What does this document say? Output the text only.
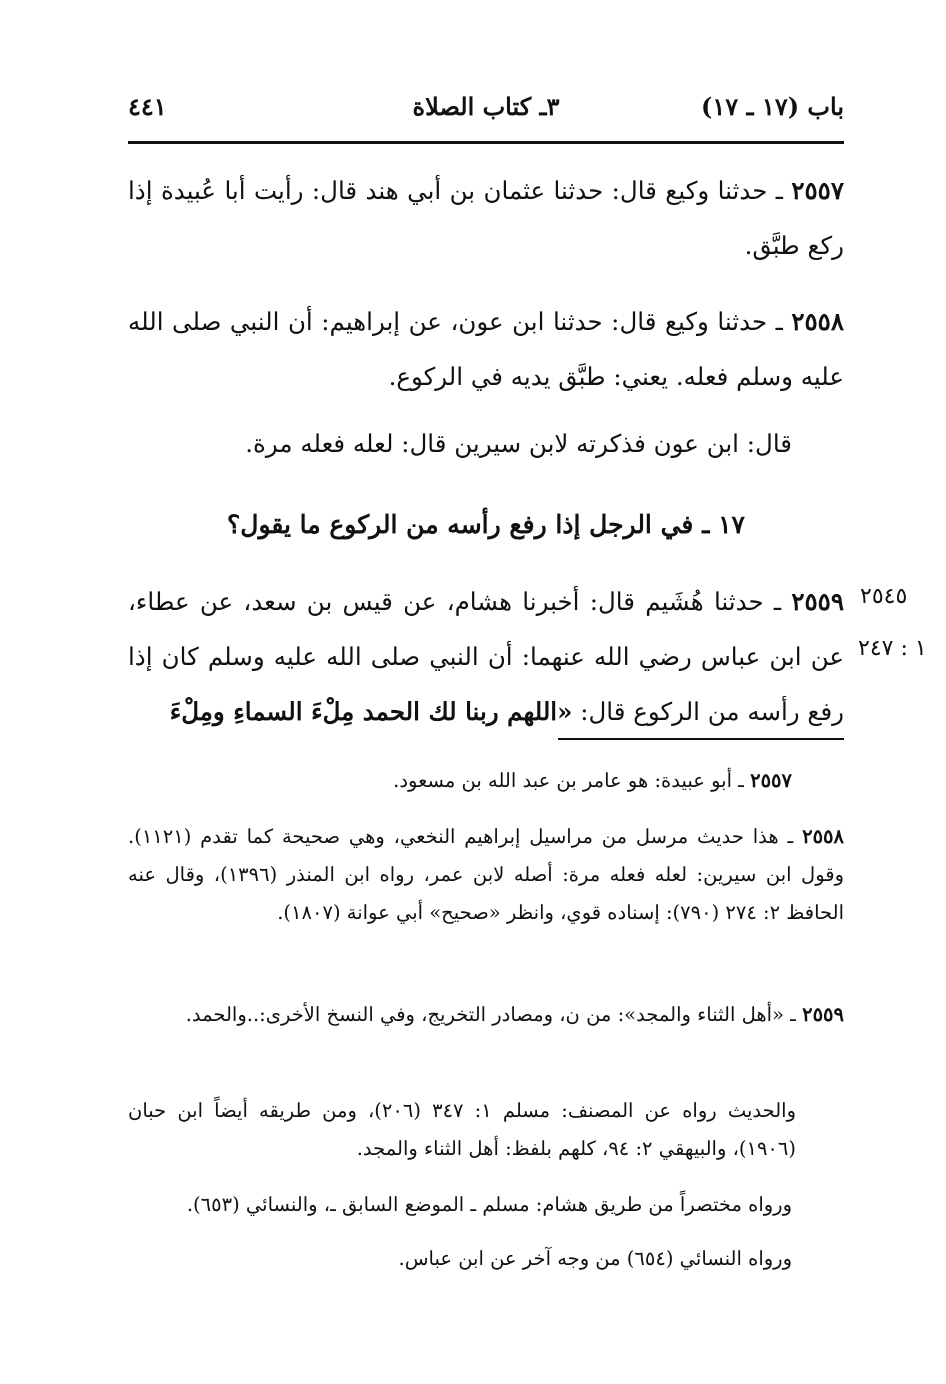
باب (١٧ ـ ١٧)
٣ـ كتاب الصلاة
٤٤١
٢٥٥٧ ـ حدثنا وكيع قال: حدثنا عثمان بن أبي هند قال: رأيت أبا عُبيدة إذا ركع طبَّق.
٢٥٥٨ ـ حدثنا وكيع قال: حدثنا ابن عون، عن إبراهيم: أن النبي صلى الله عليه وسلم فعله. يعني: طبَّق يديه في الركوع.
قال: ابن عون فذكرته لابن سيرين قال: لعله فعله مرة.
١٧ ـ في الرجل إذا رفع رأسه من الركوع ما يقول؟
٢٥٥٩ ـ حدثنا هُشَيم قال: أخبرنا هشام، عن قيس بن سعد، عن عطاء، عن ابن عباس رضي الله عنهما: أن النبي صلى الله عليه وسلم كان إذا رفع رأسه من الركوع قال: «اللهم ربنا لك الحمد مِلْءَ السماءِ ومِلْءَ
٢٥٤٥
١ : ٢٤٧
٢٥٥٧ ـ أبو عبيدة: هو عامر بن عبد الله بن مسعود.
٢٥٥٨ ـ هذا حديث مرسل من مراسيل إبراهيم النخعي، وهي صحيحة كما تقدم (١١٢١). وقول ابن سيرين: لعله فعله مرة: أصله لابن عمر، رواه ابن المنذر (١٣٩٦)، وقال عنه الحافظ ٢: ٢٧٤ (٧٩٠): إسناده قوي، وانظر «صحيح» أبي عوانة (١٨٠٧).
٢٥٥٩ ـ «أهل الثناء والمجد»: من ن، ومصادر التخريج، وفي النسخ الأخرى:..والحمد.
والحديث رواه عن المصنف: مسلم ١: ٣٤٧ (٢٠٦)، ومن طريقه أيضاً ابن حبان (١٩٠٦)، والبيهقي ٢: ٩٤، كلهم بلفظ: أهل الثناء والمجد.
ورواه مختصراً من طريق هشام: مسلم ـ الموضع السابق ـ، والنسائي (٦٥٣).
ورواه النسائي (٦٥٤) من وجه آخر عن ابن عباس.
